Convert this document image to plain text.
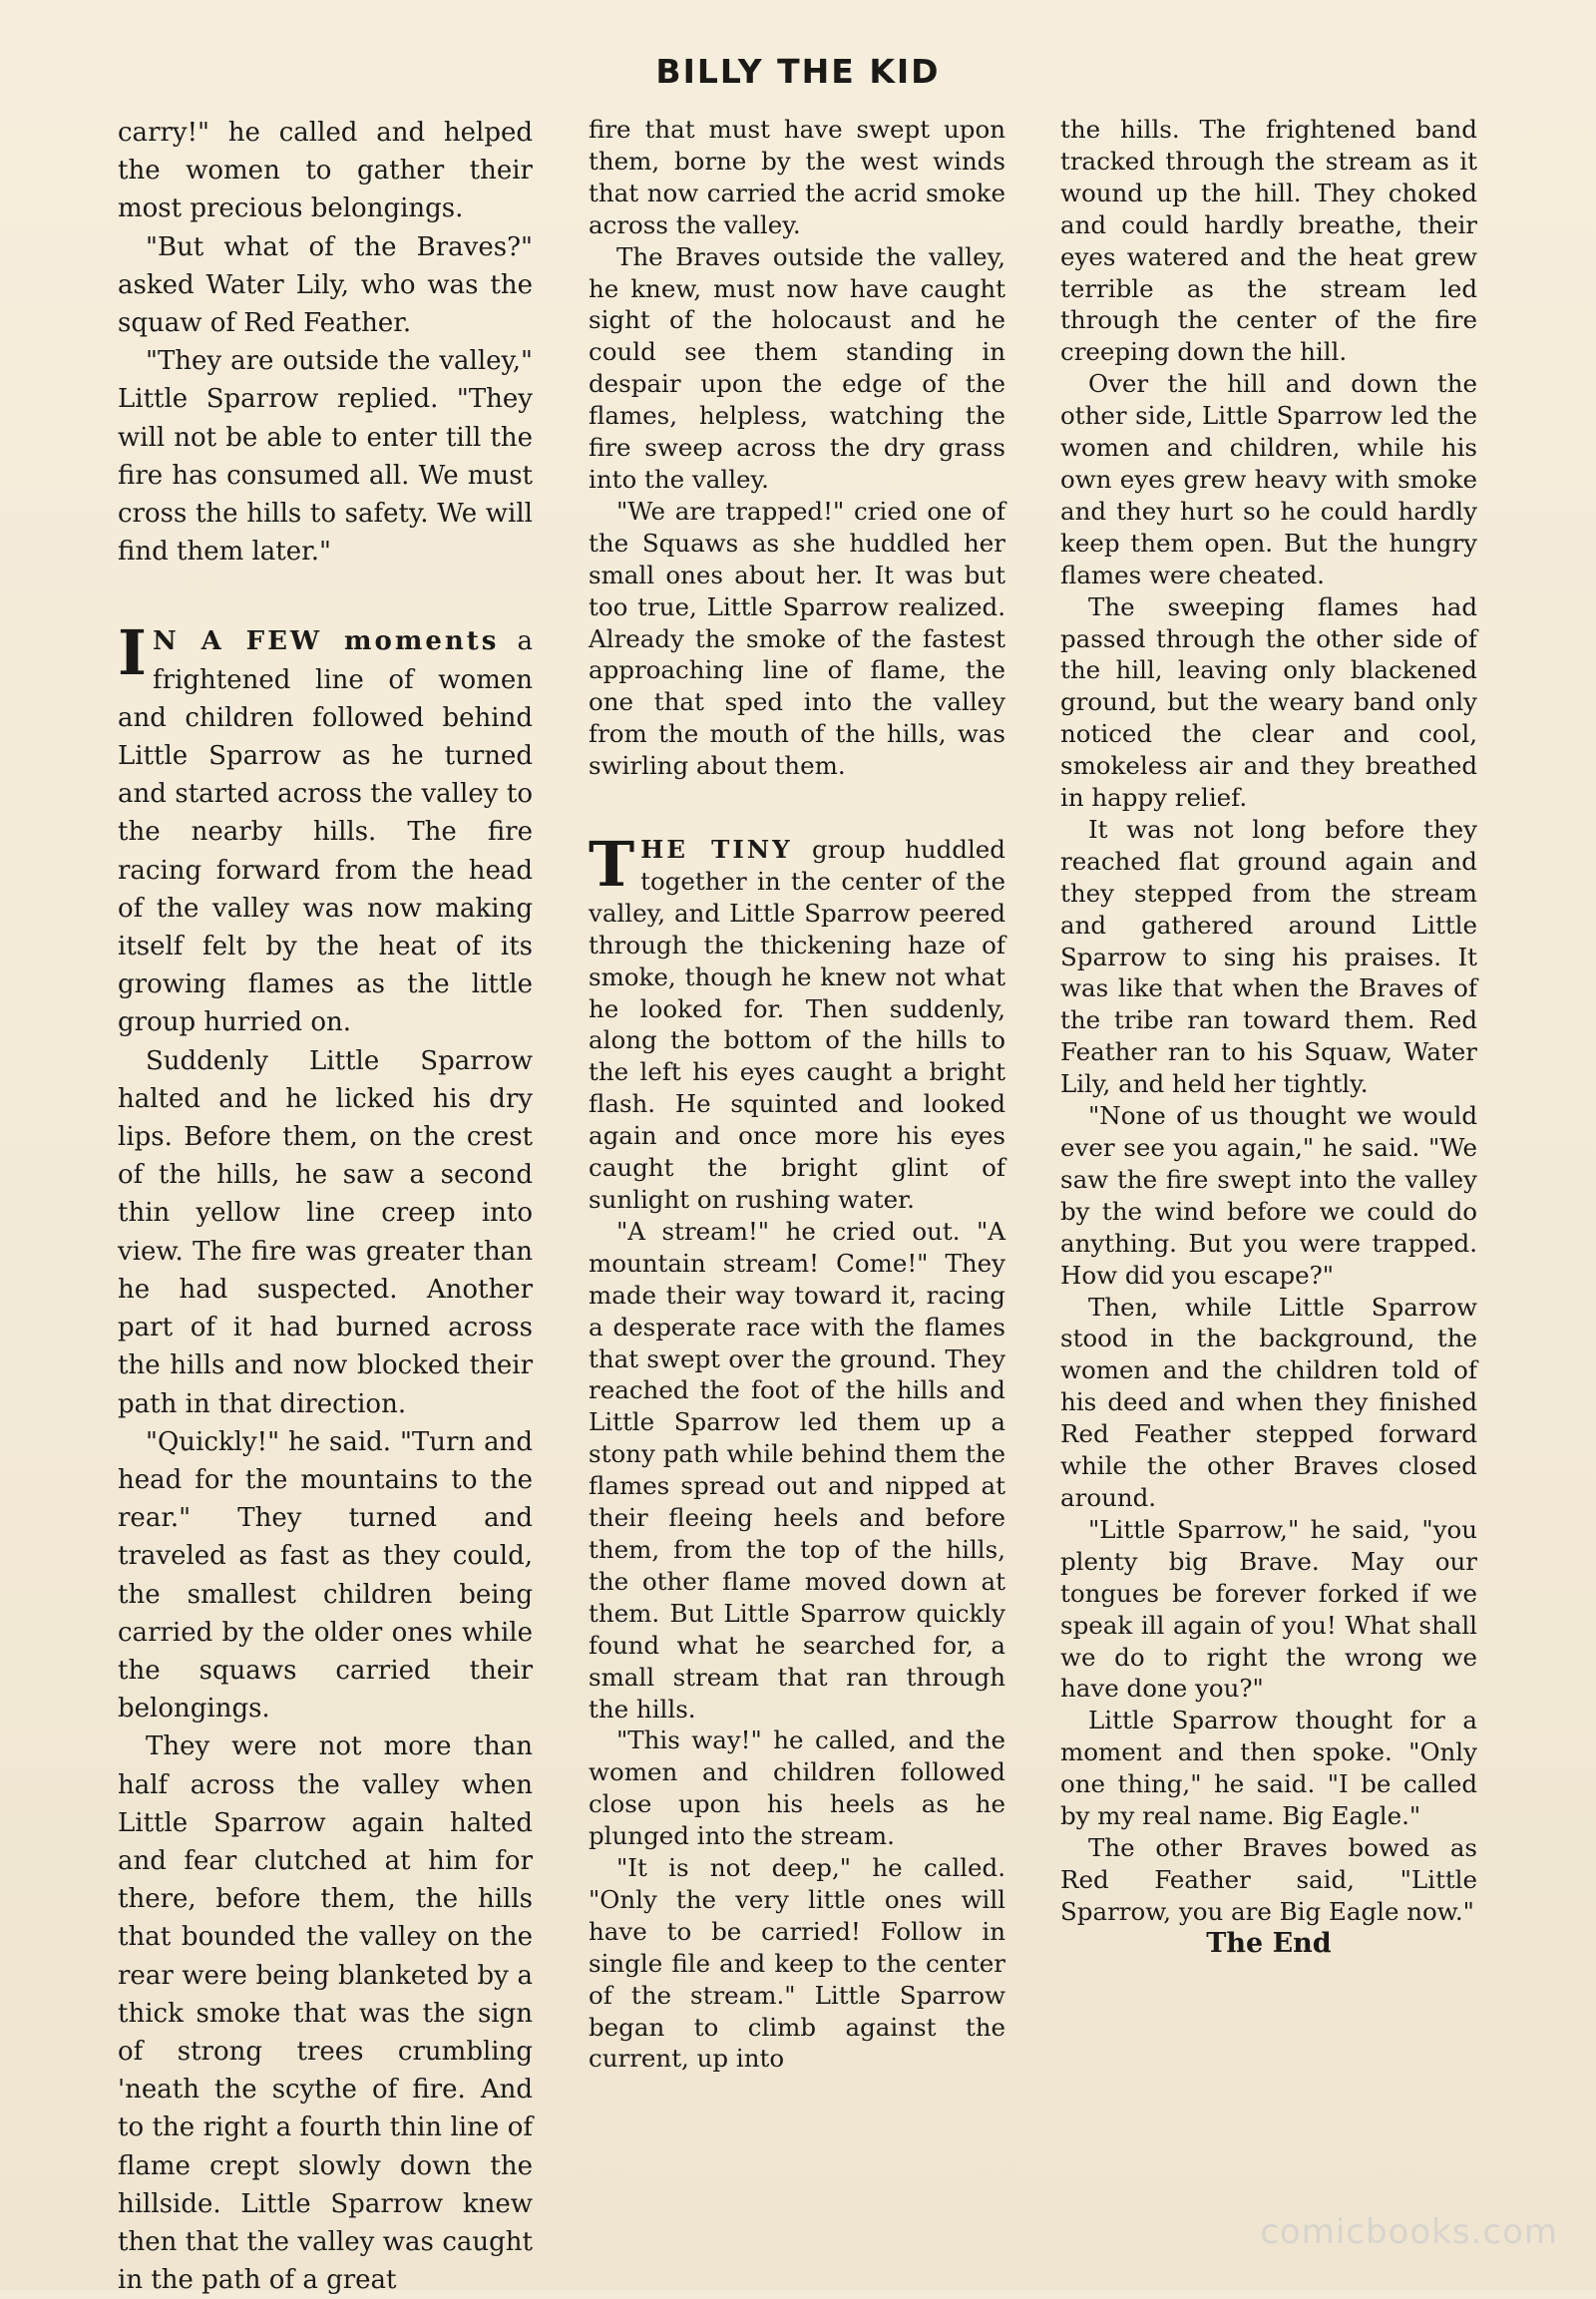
BILLY THE KID

carry!" he called and helped the women to gather their most precious belongings.

"But what of the Braves?" asked Water Lily, who was the squaw of Red Feather.

"They are outside the valley," Little Sparrow replied. "They will not be able to enter till the fire has consumed all. We must cross the hills to safety. We will find them later."

I N A FEW moments a frightened line of women and children followed behind Little Sparrow as he turned and started across the valley to the nearby hills. The fire racing forward from the head of the valley was now making itself felt by the heat of its growing flames as the little group hurried on.

Suddenly Little Sparrow halted and he licked his dry lips. Before them, on the crest of the hills, he saw a second thin yellow line creep into view. The fire was greater than he had suspected. Another part of it had burned across the hills and now blocked their path in that direction.

"Quickly!" he said. "Turn and head for the mountains to the rear." They turned and traveled as fast as they could, the smallest children being carried by the older ones while the squaws carried their belongings.

They were not more than half across the valley when Little Sparrow again halted and fear clutched at him for there, before them, the hills that bounded the valley on the rear were being blanketed by a thick smoke that was the sign of strong trees crumbling 'neath the scythe of fire. And to the right a fourth thin line of flame crept slowly down the hillside. Little Sparrow knew then that the valley was caught in the path of a great

fire that must have swept upon them, borne by the west winds that now carried the acrid smoke across the valley.

The Braves outside the valley, he knew, must now have caught sight of the holocaust and he could see them standing in despair upon the edge of the flames, helpless, watching the fire sweep across the dry grass into the valley.

"We are trapped!" cried one of the Squaws as she huddled her small ones about her. It was but too true, Little Sparrow realized. Already the smoke of the fastest approaching line of flame, the one that sped into the valley from the mouth of the hills, was swirling about them.

THE TINY group huddled together in the center of the valley, and Little Sparrow peered through the thickening haze of smoke, though he knew not what he looked for. Then suddenly, along the bottom of the hills to the left his eyes caught a bright flash. He squinted and looked again and once more his eyes caught the bright glint of sunlight on rushing water.

"A stream!" he cried out. "A mountain stream! Come!" They made their way toward it, racing a desperate race with the flames that swept over the ground. They reached the foot of the hills and Little Sparrow led them up a stony path while behind them the flames spread out and nipped at their fleeing heels and before them, from the top of the hills, the other flame moved down at them. But Little Sparrow quickly found what he searched for, a small stream that ran through the hills.

"This way!" he called, and the women and children followed close upon his heels as he plunged into the stream.

"It is not deep," he called. "Only the very little ones will have to be carried! Follow in single file and keep to the center of the stream." Little Sparrow began to climb against the current, up into

the hills. The frightened band tracked through the stream as it wound up the hill. They choked and could hardly breathe, their eyes watered and the heat grew terrible as the stream led through the center of the fire creeping down the hill.

Over the hill and down the other side, Little Sparrow led the women and children, while his own eyes grew heavy with smoke and they hurt so he could hardly keep them open. But the hungry flames were cheated.

The sweeping flames had passed through the other side of the hill, leaving only blackened ground, but the weary band only noticed the clear and cool, smokeless air and they breathed in happy relief.

It was not long before they reached flat ground again and they stepped from the stream and gathered around Little Sparrow to sing his praises. It was like that when the Braves of the tribe ran toward them. Red Feather ran to his Squaw, Water Lily, and held her tightly.

"None of us thought we would ever see you again," he said. "We saw the fire swept into the valley by the wind before we could do anything. But you were trapped. How did you escape?"

Then, while Little Sparrow stood in the background, the women and the children told of his deed and when they finished Red Feather stepped forward while the other Braves closed around.

"Little Sparrow," he said, "you plenty big Brave. May our tongues be forever forked if we speak ill again of you! What shall we do to right the wrong we have done you?"

Little Sparrow thought for a moment and then spoke. "Only one thing," he said. "I be called by my real name. Big Eagle."

The other Braves bowed as Red Feather said, "Little Sparrow, you are Big Eagle now."

The End

comicbooks.com
